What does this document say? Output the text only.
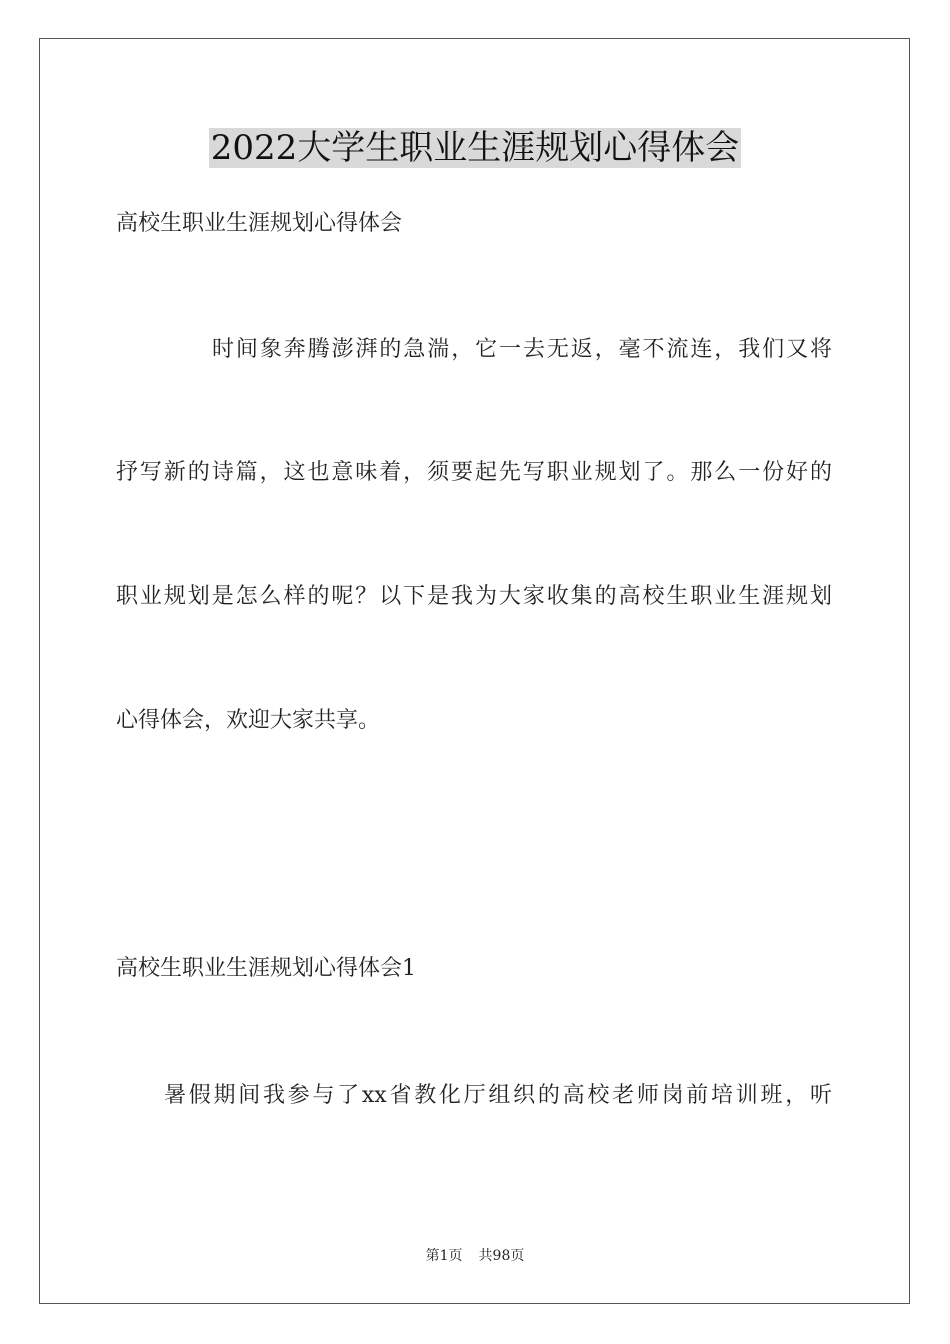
2022大学生职业生涯规划心得体会
高校生职业生涯规划心得体会
时间象奔腾澎湃的急湍，它一去无返，毫不流连，我们又将
抒写新的诗篇，这也意味着，须要起先写职业规划了。那么一份好的
职业规划是怎么样的呢？以下是我为大家收集的高校生职业生涯规划
心得体会，欢迎大家共享。
高校生职业生涯规划心得体会1
暑假期间我参与了xx省教化厅组织的高校老师岗前培训班，听
第1页 共98页
